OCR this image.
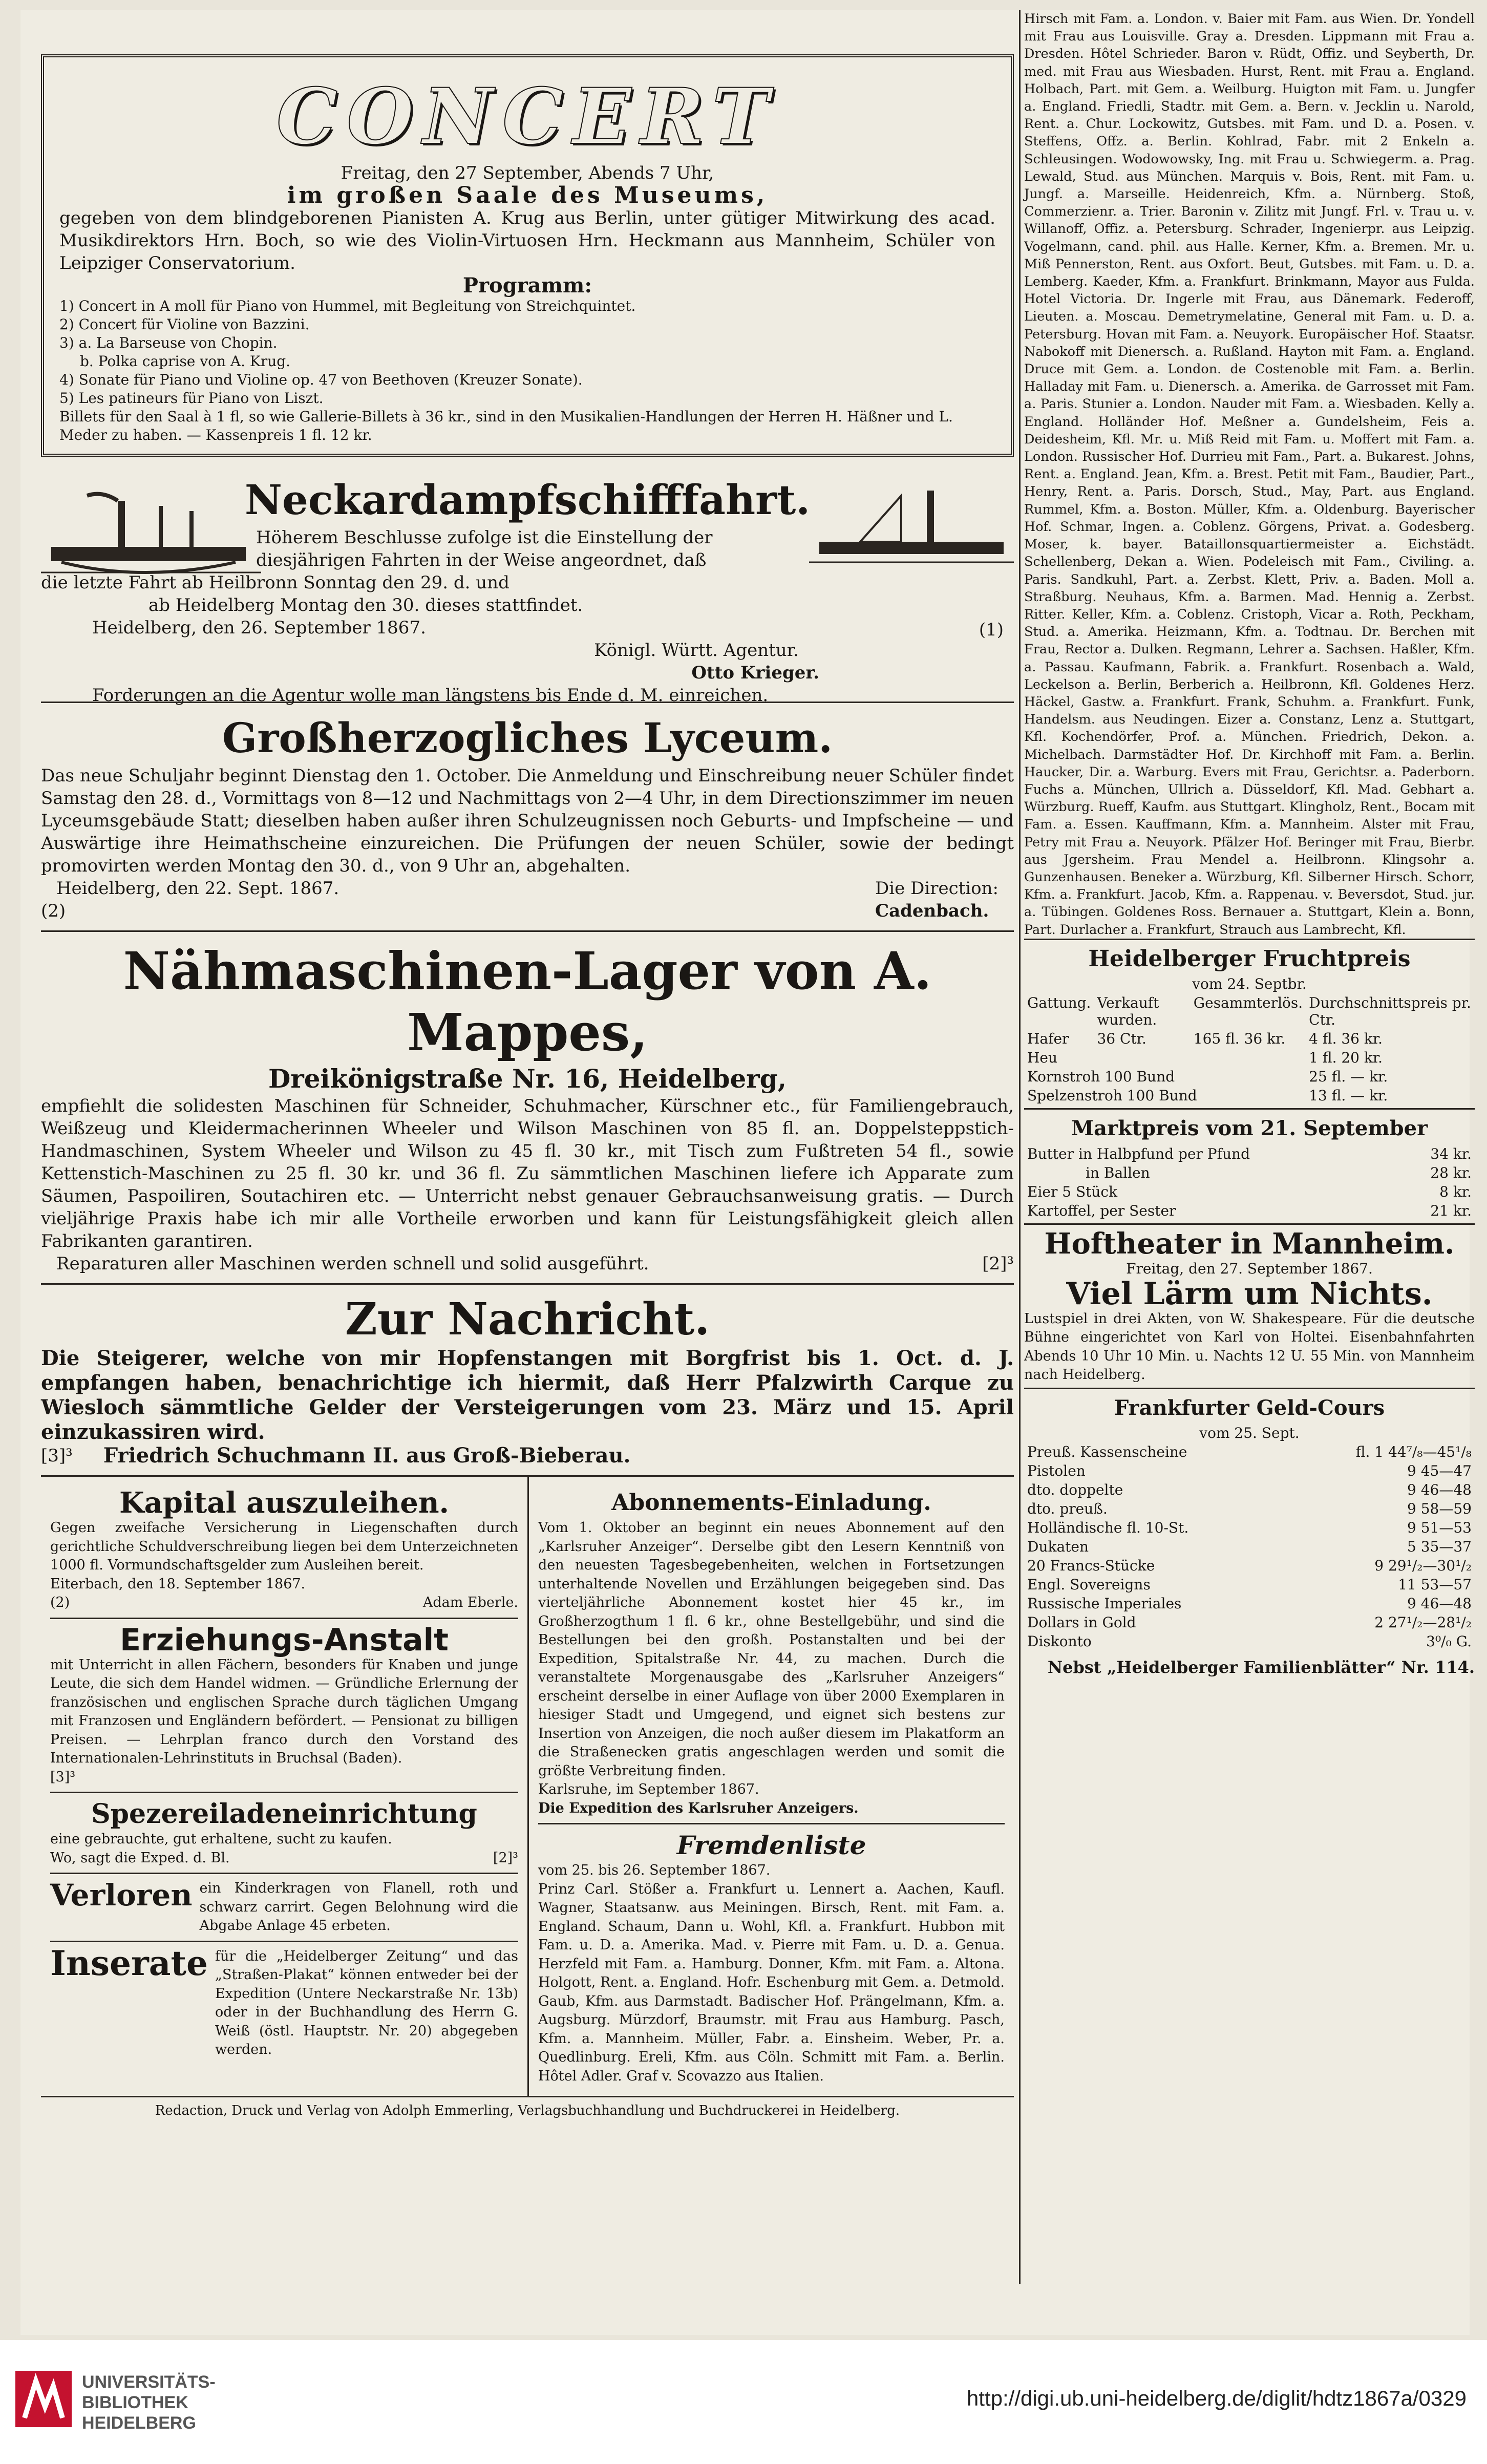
CONCERT

Freitag, den 27 September, Abends 7 Uhr,

im großen Saale des Museums,

gegeben von dem blindgeborenen Pianisten A. Krug aus Berlin, unter gütiger Mitwirkung des acad. Musikdirektors Hrn. Boch, so wie des Violin-Virtuosen Hrn. Heckmann aus Mannheim, Schüler von Leipziger Conservatorium.

Programm:

1) Concert in A moll für Piano von Hummel, mit Begleitung von Streichquintet.

2) Concert für Violine von Bazzini.

3) a. La Barseuse von Chopin.

b. Polka caprise von A. Krug.

4) Sonate für Piano und Violine op. 47 von Beethoven (Kreuzer Sonate).

5) Les patineurs für Piano von Liszt.

Billets für den Saal à 1 fl, so wie Gallerie-Billets à 36 kr., sind in den Musikalien-Handlungen der Herren H. Häßner und L. Meder zu haben. — Kassenpreis 1 fl. 12 kr.

Neckardampfschifffahrt.

Höherem Beschlusse zufolge ist die Einstellung der

diesjährigen Fahrten in der Weise angeordnet, daß

die letzte Fahrt ab Heilbronn Sonntag den 29. d. und

ab Heidelberg Montag den 30. dieses stattfindet.

Heidelberg, den 26. September 1867.	(1)

Königl. Württ. Agentur.

Otto Krieger.

Forderungen an die Agentur wolle man längstens bis Ende d. M. einreichen.

Großherzogliches Lyceum.

Das neue Schuljahr beginnt Dienstag den 1. October. Die Anmeldung und Einschreibung neuer Schüler findet Samstag den 28. d., Vormittags von 8—12 und Nachmittags von 2—4 Uhr, in dem Directionszimmer im neuen Lyceumsgebäude Statt; dieselben haben außer ihren Schulzeugnissen noch Geburts- und Impfscheine — und Auswärtige ihre Heimathscheine einzureichen. Die Prüfungen der neuen Schüler, sowie der bedingt promovirten werden Montag den 30. d., von 9 Uhr an, abgehalten.

Heidelberg, den 22. Sept. 1867.

(2)

Die Direction:

Cadenbach.

Nähmaschinen-Lager von A. Mappes,

Dreikönigstraße Nr. 16, Heidelberg,

empfiehlt die solidesten Maschinen für Schneider, Schuhmacher, Kürschner etc., für Familiengebrauch, Weißzeug und Kleidermacherinnen Wheeler und Wilson Maschinen von 85 fl. an. Doppelsteppstich-Handmaschinen, System Wheeler und Wilson zu 45 fl. 30 kr., mit Tisch zum Fußtreten 54 fl., sowie Kettenstich-Maschinen zu 25 fl. 30 kr. und 36 fl. Zu sämmtlichen Maschinen liefere ich Apparate zum Säumen, Paspoiliren, Soutachiren etc. — Unterricht nebst genauer Gebrauchsanweisung gratis. — Durch vieljährige Praxis habe ich mir alle Vortheile erworben und kann für Leistungsfähigkeit gleich allen Fabrikanten garantiren.

Reparaturen aller Maschinen werden schnell und solid ausgeführt.	[2]³

Zur Nachricht.

Die Steigerer, welche von mir Hopfenstangen mit Borgfrist bis 1. Oct. d. J. empfangen haben, benachrichtige ich hiermit, daß Herr Pfalzwirth Carque zu Wiesloch sämmtliche Gelder der Versteigerungen vom 23. März und 15. April einzukassiren wird.

[3]³ Friedrich Schuchmann II. aus Groß-Bieberau.

Kapital auszuleihen.

Gegen zweifache Versicherung in Liegenschaften durch gerichtliche Schuldverschreibung liegen bei dem Unterzeichneten 1000 fl. Vormundschaftsgelder zum Ausleihen bereit.

Eiterbach, den 18. September 1867.

(2)	Adam Eberle.

Erziehungs-Anstalt

mit Unterricht in allen Fächern, besonders für Knaben und junge Leute, die sich dem Handel widmen. — Gründliche Erlernung der französischen und englischen Sprache durch täglichen Umgang mit Franzosen und Engländern befördert. — Pensionat zu billigen Preisen. — Lehrplan franco durch den Vorstand des Internationalen-Lehrinstituts in Bruchsal (Baden).

[3]³

Spezereiladeneinrichtung

eine gebrauchte, gut erhaltene, sucht zu kaufen.

Wo, sagt die Exped. d. Bl.	[2]³

Verloren ein Kinderkragen von Flanell, roth und schwarz carrirt. Gegen Belohnung wird die Abgabe Anlage 45 erbeten.

Inserate für die „Heidelberger Zeitung“ und das „Straßen-Plakat“ können entweder bei der Expedition (Untere Neckarstraße Nr. 13b) oder in der Buchhandlung des Herrn G. Weiß (östl. Hauptstr. Nr. 20) abgegeben werden.

Abonnements-Einladung.

Vom 1. Oktober an beginnt ein neues Abonnement auf den „Karlsruher Anzeiger“. Derselbe gibt den Lesern Kenntniß von den neuesten Tagesbegebenheiten, welchen in Fortsetzungen unterhaltende Novellen und Erzählungen beigegeben sind. Das vierteljährliche Abonnement kostet hier 45 kr., im Großherzogthum 1 fl. 6 kr., ohne Bestellgebühr, und sind die Bestellungen bei den großh. Postanstalten und bei der Expedition, Spitalstraße Nr. 44, zu machen. Durch die veranstaltete Morgenausgabe des „Karlsruher Anzeigers“ erscheint derselbe in einer Auflage von über 2000 Exemplaren in hiesiger Stadt und Umgegend, und eignet sich bestens zur Insertion von Anzeigen, die noch außer diesem im Plakatform an die Straßenecken gratis angeschlagen werden und somit die größte Verbreitung finden.

Karlsruhe, im September 1867.

Die Expedition des Karlsruher Anzeigers.

Fremdenliste

vom 25. bis 26. September 1867.

Prinz Carl. Stößer a. Frankfurt u. Lennert a. Aachen, Kaufl. Wagner, Staatsanw. aus Meiningen. Birsch, Rent. mit Fam. a. England. Schaum, Dann u. Wohl, Kfl. a. Frankfurt. Hubbon mit Fam. u. D. a. Amerika. Mad. v. Pierre mit Fam. u. D. a. Genua. Herzfeld mit Fam. a. Hamburg. Donner, Kfm. mit Fam. a. Altona. Holgott, Rent. a. England. Hofr. Eschenburg mit Gem. a. Detmold. Gaub, Kfm. aus Darmstadt. Badischer Hof. Prängelmann, Kfm. a. Augsburg. Mürzdorf, Braumstr. mit Frau aus Hamburg. Pasch, Kfm. a. Mannheim. Müller, Fabr. a. Einsheim. Weber, Pr. a. Quedlinburg. Ereli, Kfm. aus Cöln. Schmitt mit Fam. a. Berlin. Hôtel Adler. Graf v. Scovazzo aus Italien.

Redaction, Druck und Verlag von Adolph Emmerling, Verlagsbuchhandlung und Buchdruckerei in Heidelberg.

Hirsch mit Fam. a. London. v. Baier mit Fam. aus Wien. Dr. Yondell mit Frau aus Louisville. Gray a. Dresden. Lippmann mit Frau a. Dresden. Hôtel Schrieder. Baron v. Rüdt, Offiz. und Seyberth, Dr. med. mit Frau aus Wiesbaden. Hurst, Rent. mit Frau a. England. Holbach, Part. mit Gem. a. Weilburg. Huigton mit Fam. u. Jungfer a. England. Friedli, Stadtr. mit Gem. a. Bern. v. Jecklin u. Narold, Rent. a. Chur. Lockowitz, Gutsbes. mit Fam. und D. a. Posen. v. Steffens, Offz. a. Berlin. Kohlrad, Fabr. mit 2 Enkeln a. Schleusingen. Wodowowsky, Ing. mit Frau u. Schwiegerm. a. Prag. Lewald, Stud. aus München. Marquis v. Bois, Rent. mit Fam. u. Jungf. a. Marseille. Heidenreich, Kfm. a. Nürnberg. Stoß, Commerzienr. a. Trier. Baronin v. Zilitz mit Jungf. Frl. v. Trau u. v. Willanoff, Offiz. a. Petersburg. Schrader, Ingenierpr. aus Leipzig. Vogelmann, cand. phil. aus Halle. Kerner, Kfm. a. Bremen. Mr. u. Miß Pennerston, Rent. aus Oxfort. Beut, Gutsbes. mit Fam. u. D. a. Lemberg. Kaeder, Kfm. a. Frankfurt. Brinkmann, Mayor aus Fulda. Hotel Victoria. Dr. Ingerle mit Frau, aus Dänemark. Federoff, Lieuten. a. Moscau. Demetrymelatine, General mit Fam. u. D. a. Petersburg. Hovan mit Fam. a. Neuyork. Europäischer Hof. Staatsr. Nabokoff mit Dienersch. a. Rußland. Hayton mit Fam. a. England. Druce mit Gem. a. London. de Costenoble mit Fam. a. Berlin. Halladay mit Fam. u. Dienersch. a. Amerika. de Garrosset mit Fam. a. Paris. Stunier a. London. Nauder mit Fam. a. Wiesbaden. Kelly a. England. Holländer Hof. Meßner a. Gundelsheim, Feis a. Deidesheim, Kfl. Mr. u. Miß Reid mit Fam. u. Moffert mit Fam. a. London. Russischer Hof. Durrieu mit Fam., Part. a. Bukarest. Johns, Rent. a. England. Jean, Kfm. a. Brest. Petit mit Fam., Baudier, Part., Henry, Rent. a. Paris. Dorsch, Stud., May, Part. aus England. Rummel, Kfm. a. Boston. Müller, Kfm. a. Oldenburg. Bayerischer Hof. Schmar, Ingen. a. Coblenz. Görgens, Privat. a. Godesberg. Moser, k. bayer. Bataillonsquartiermeister a. Eichstädt. Schellenberg, Dekan a. Wien. Podeleisch mit Fam., Civiling. a. Paris. Sandkuhl, Part. a. Zerbst. Klett, Priv. a. Baden. Moll a. Straßburg. Neuhaus, Kfm. a. Barmen. Mad. Hennig a. Zerbst. Ritter. Keller, Kfm. a. Coblenz. Cristoph, Vicar a. Roth, Peckham, Stud. a. Amerika. Heizmann, Kfm. a. Todtnau. Dr. Berchen mit Frau, Rector a. Dulken. Regmann, Lehrer a. Sachsen. Haßler, Kfm. a. Passau. Kaufmann, Fabrik. a. Frankfurt. Rosenbach a. Wald, Leckelson a. Berlin, Berberich a. Heilbronn, Kfl. Goldenes Herz. Häckel, Gastw. a. Frankfurt. Frank, Schuhm. a. Frankfurt. Funk, Handelsm. aus Neudingen. Eizer a. Constanz, Lenz a. Stuttgart, Kfl. Kochendörfer, Prof. a. München. Friedrich, Dekon. a. Michelbach. Darmstädter Hof. Dr. Kirchhoff mit Fam. a. Berlin. Haucker, Dir. a. Warburg. Evers mit Frau, Gerichtsr. a. Paderborn. Fuchs a. München, Ullrich a. Düsseldorf, Kfl. Mad. Gebhart a. Würzburg. Rueff, Kaufm. aus Stuttgart. Klingholz, Rent., Bocam mit Fam. a. Essen. Kauffmann, Kfm. a. Mannheim. Alster mit Frau, Petry mit Frau a. Neuyork. Pfälzer Hof. Beringer mit Frau, Bierbr. aus Jgersheim. Frau Mendel a. Heilbronn. Klingsohr a. Gunzenhausen. Beneker a. Würzburg, Kfl. Silberner Hirsch. Schorr, Kfm. a. Frankfurt. Jacob, Kfm. a. Rappenau. v. Beversdot, Stud. jur. a. Tübingen. Goldenes Ross. Bernauer a. Stuttgart, Klein a. Bonn, Part. Durlacher a. Frankfurt, Strauch aus Lambrecht, Kfl.

Heidelberger Fruchtpreis

vom 24. Septbr.

Gattung.	Verkauft wurden.	Gesammterlös.	Durchschnittspreis pr. Ctr.
Hafer	36 Ctr.	165 fl. 36 kr.	4 fl. 36 kr.
Heu			1 fl. 20 kr.
Kornstroh 100 Bund			25 fl. — kr.
Spelzenstroh 100 Bund			13 fl. — kr.

Marktpreis vom 21. September

Butter in Halbpfund per Pfund	34 kr.
in Ballen	28 kr.
Eier 5 Stück	8 kr.
Kartoffel, per Sester	21 kr.

Hoftheater in Mannheim.

Freitag, den 27. September 1867.

Viel Lärm um Nichts.

Lustspiel in drei Akten, von W. Shakespeare. Für die deutsche Bühne eingerichtet von Karl von Holtei. Eisenbahnfahrten Abends 10 Uhr 10 Min. u. Nachts 12 U. 55 Min. von Mannheim nach Heidelberg.

Frankfurter Geld-Cours

vom 25. Sept.

Preuß. Kassenscheine	fl. 1 44⁷/₈—45¹/₈
Pistolen	9 45—47
dto. doppelte	9 46—48
dto. preuß.	9 58—59
Holländische fl. 10-St.	9 51—53
Dukaten	5 35—37
20 Francs-Stücke	9 29¹/₂—30¹/₂
Engl. Sovereigns	11 53—57
Russische Imperiales	9 46—48
Dollars in Gold	2 27¹/₂—28¹/₂
Diskonto	3⁰/₀ G.

Nebst „Heidelberger Familienblätter“ Nr. 114.

UNIVERSITÄTS-
BIBLIOTHEK
HEIDELBERG
http://digi.ub.uni-heidelberg.de/diglit/hdtz1867a/0329
